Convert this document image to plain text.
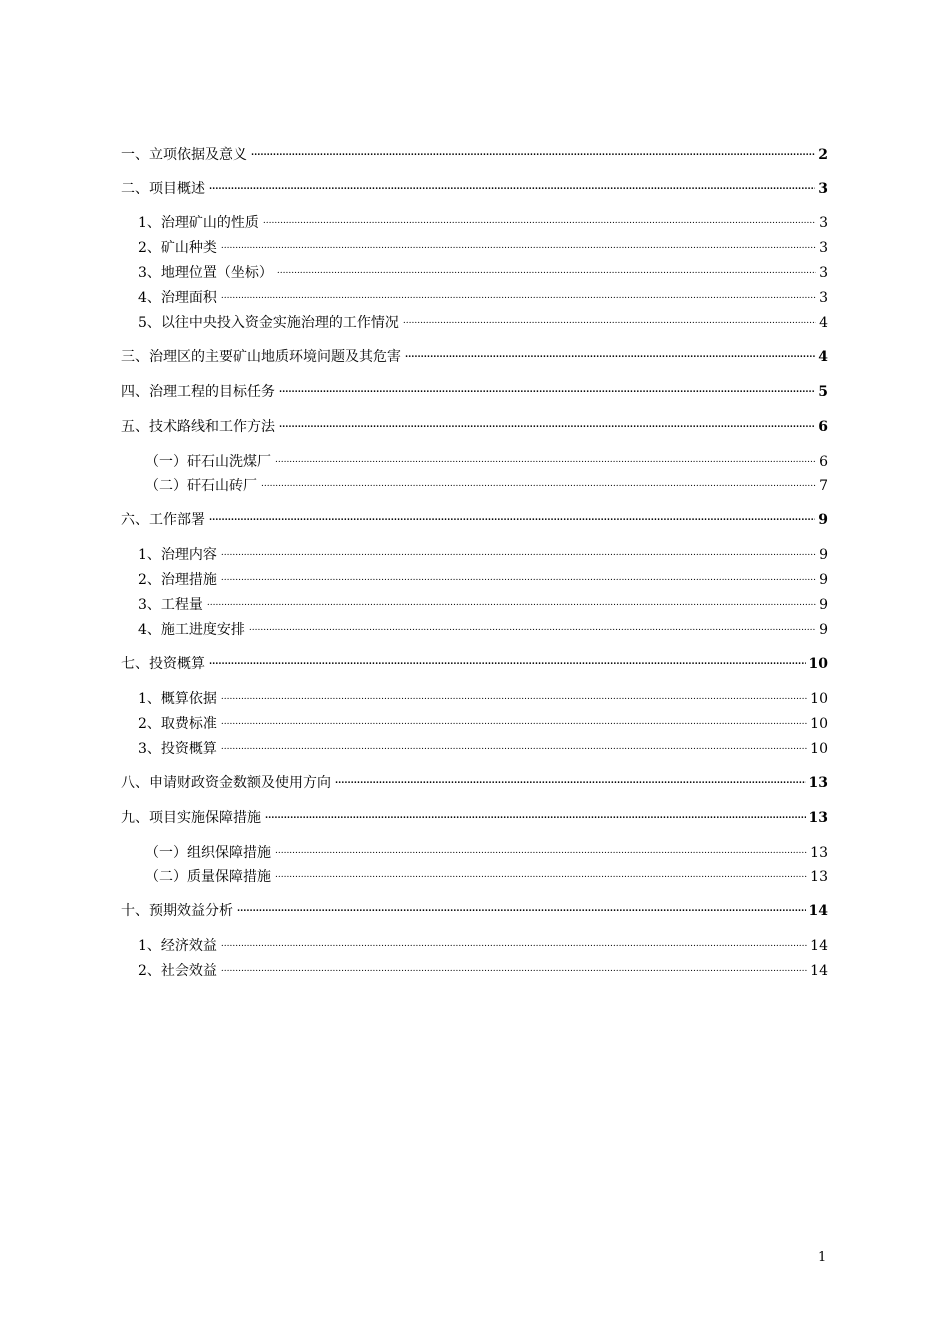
一、立项依据及意义 .....	2
二、项目概述 .....	3
1、治理矿山的性质 .....	3
2、矿山种类 .....	3
3、地理位置（坐标） .....	3
4、治理面积 .....	3
5、以往中央投入资金实施治理的工作情况 .....	4
三、治理区的主要矿山地质环境问题及其危害 .....	4
四、治理工程的目标任务 .....	5
五、技术路线和工作方法 .....	6
（一）矸石山洗煤厂 .....	6
（二）矸石山砖厂 .....	7
六、工作部署 .....	9
1、治理内容 .....	9
2、治理措施 .....	9
3、工程量 .....	9
4、施工进度安排 .....	9
七、投资概算 .....	10
1、概算依据 .....	10
2、取费标准 .....	10
3、投资概算 .....	10
八、申请财政资金数额及使用方向 .....	13
九、项目实施保障措施 .....	13
（一）组织保障措施 .....	13
（二）质量保障措施 .....	13
十、预期效益分析 .....	14
1、经济效益 .....	14
2、社会效益 .....	14
1
